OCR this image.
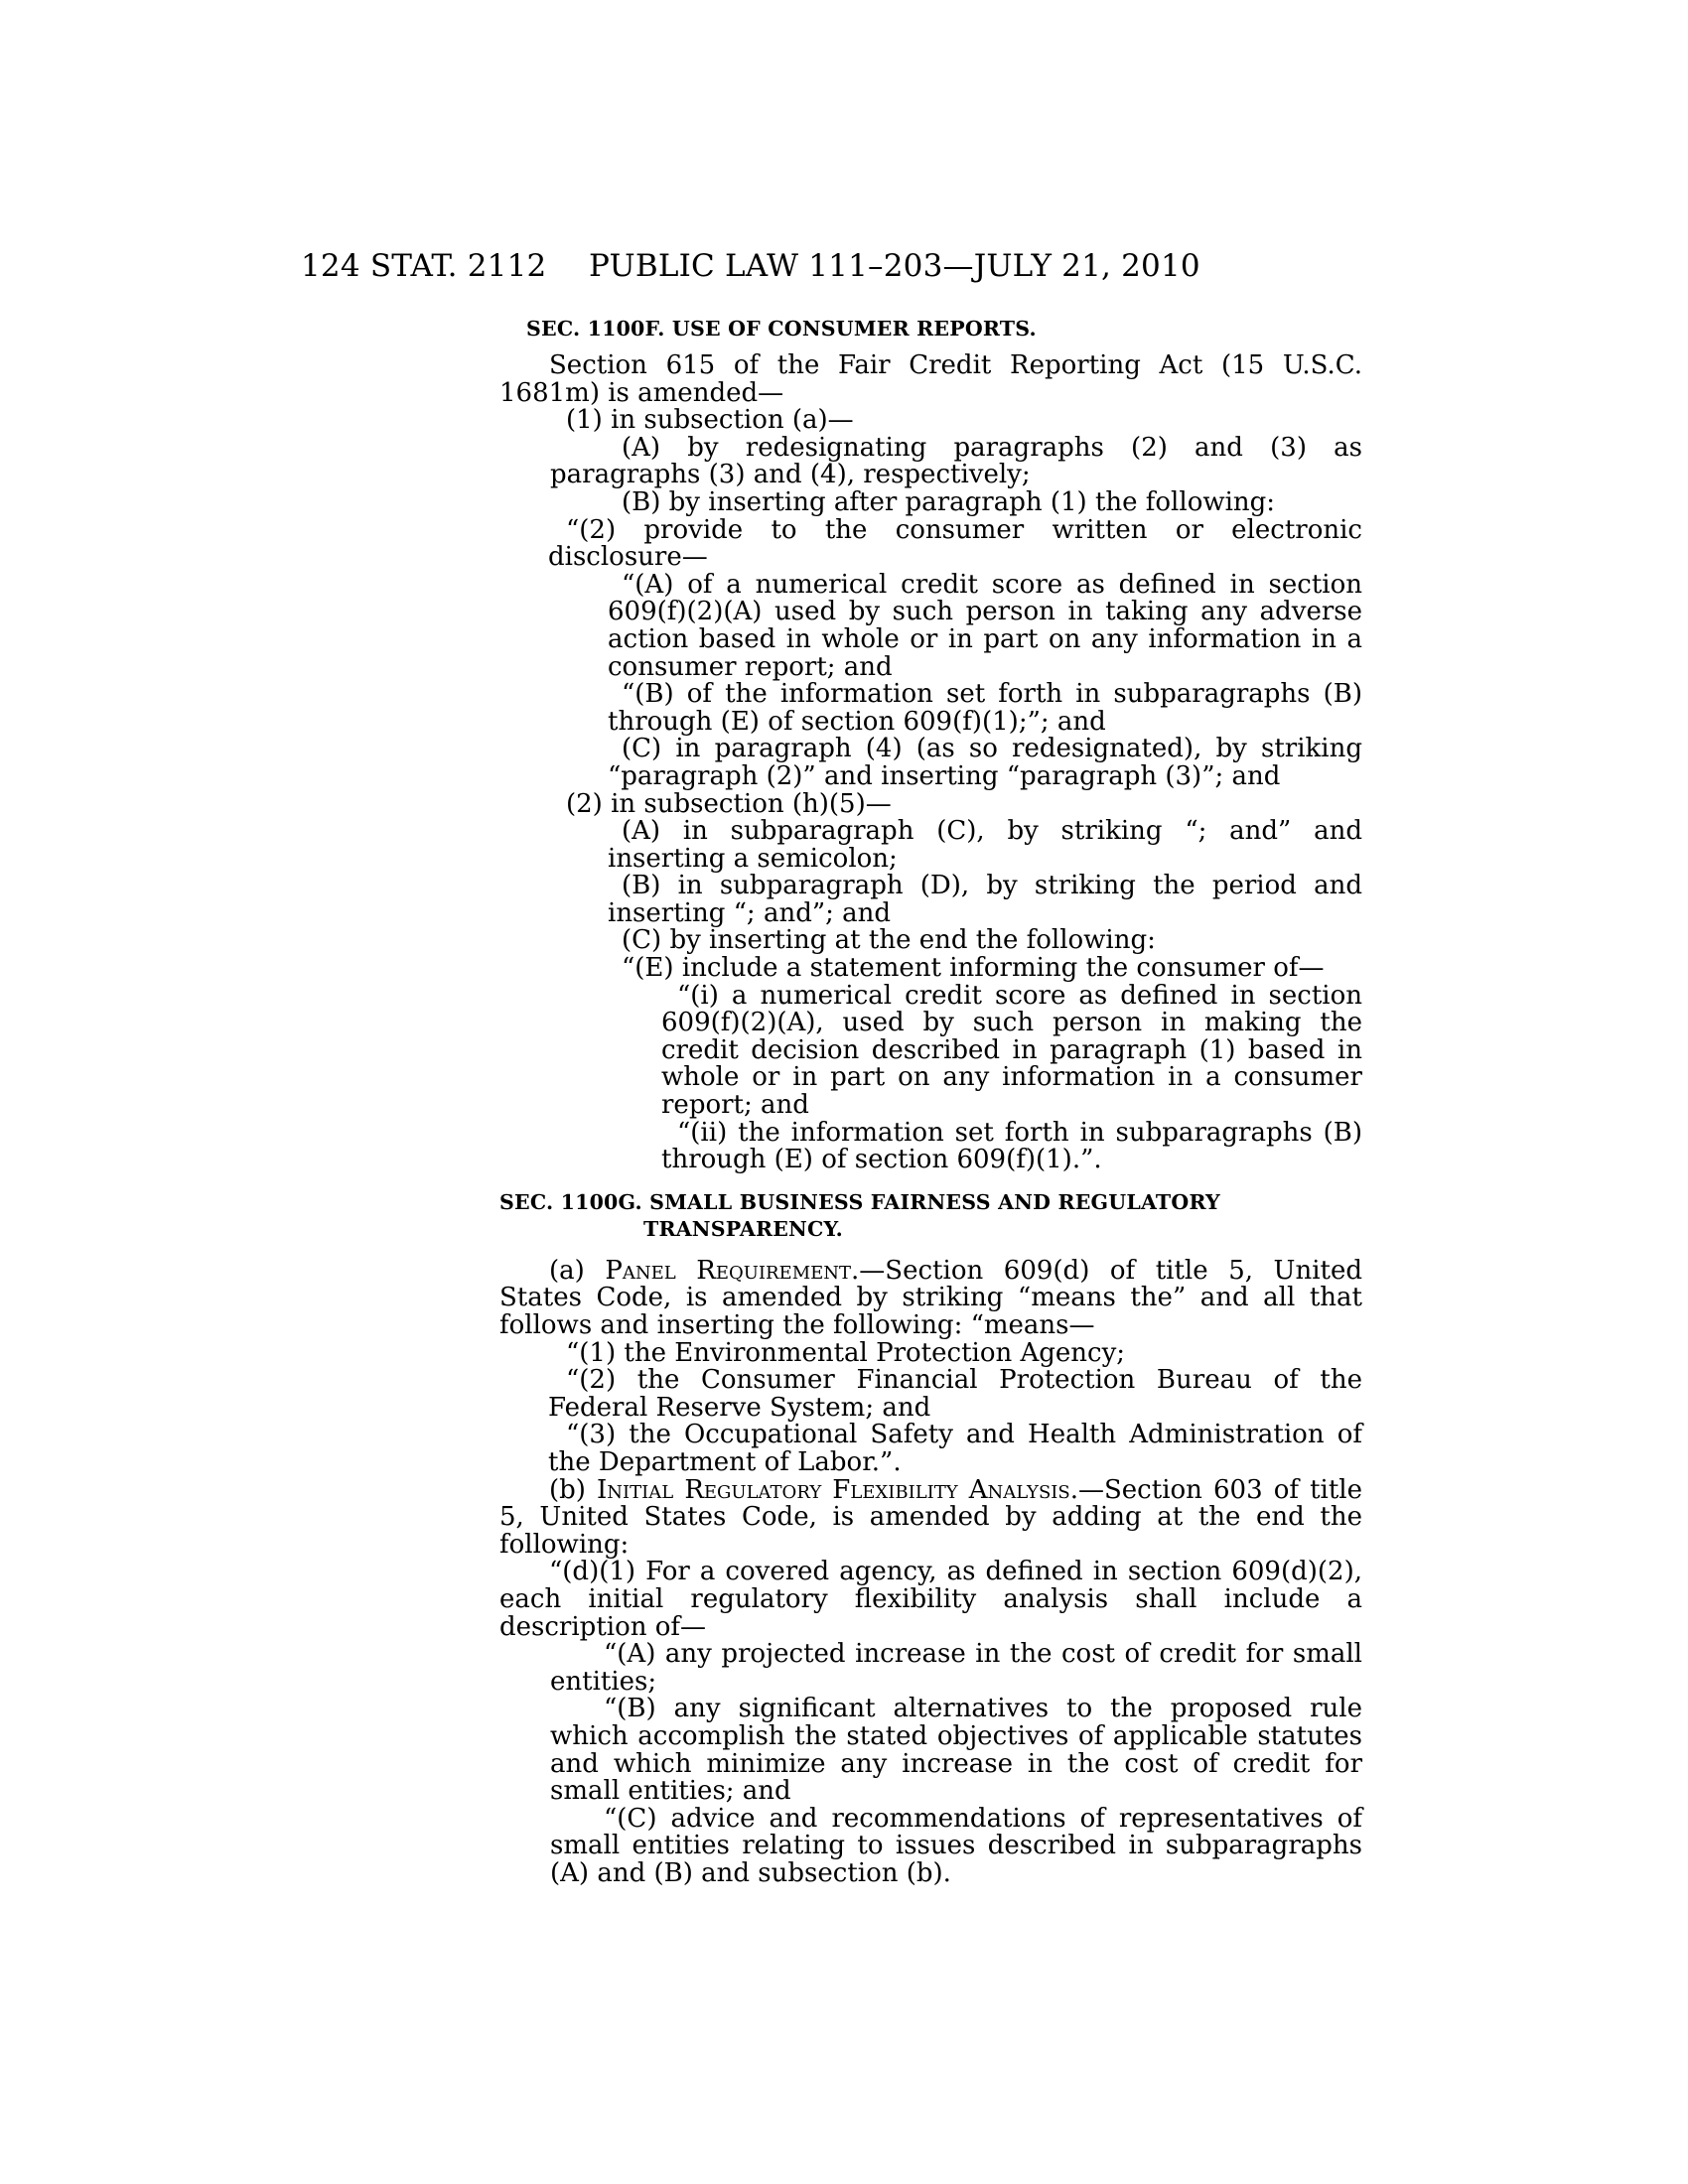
124 STAT. 2112 PUBLIC LAW 111–203—JULY 21, 2010

SEC. 1100F. USE OF CONSUMER REPORTS.

Section 615 of the Fair Credit Reporting Act (15 U.S.C. 1681m) is amended—

(1) in subsection (a)—

(A) by redesignating paragraphs (2) and (3) as paragraphs (3) and (4), respectively;

(B) by inserting after paragraph (1) the following:

“(2) provide to the consumer written or electronic disclosure—

“(A) of a numerical credit score as defined in section 609(f)(2)(A) used by such person in taking any adverse action based in whole or in part on any information in a consumer report; and

“(B) of the information set forth in subparagraphs (B) through (E) of section 609(f)(1);”; and

(C) in paragraph (4) (as so redesignated), by striking “paragraph (2)” and inserting “paragraph (3)”; and

(2) in subsection (h)(5)—

(A) in subparagraph (C), by striking “; and” and inserting a semicolon;

(B) in subparagraph (D), by striking the period and inserting “; and”; and

(C) by inserting at the end the following:

“(E) include a statement informing the consumer of—

“(i) a numerical credit score as defined in section 609(f)(2)(A), used by such person in making the credit decision described in paragraph (1) based in whole or in part on any information in a consumer report; and

“(ii) the information set forth in subparagraphs (B) through (E) of section 609(f)(1).”.

SEC. 1100G. SMALL BUSINESS FAIRNESS AND REGULATORY TRANSPARENCY.

(a) Panel Requirement.—Section 609(d) of title 5, United States Code, is amended by striking “means the” and all that follows and inserting the following: “means—

“(1) the Environmental Protection Agency;

“(2) the Consumer Financial Protection Bureau of the Federal Reserve System; and

“(3) the Occupational Safety and Health Administration of the Department of Labor.”.

(b) Initial Regulatory Flexibility Analysis.—Section 603 of title 5, United States Code, is amended by adding at the end the following:

“(d)(1) For a covered agency, as defined in section 609(d)(2), each initial regulatory flexibility analysis shall include a description of—

“(A) any projected increase in the cost of credit for small entities;

“(B) any significant alternatives to the proposed rule which accomplish the stated objectives of applicable statutes and which minimize any increase in the cost of credit for small entities; and

“(C) advice and recommendations of representatives of small entities relating to issues described in subparagraphs (A) and (B) and subsection (b).
